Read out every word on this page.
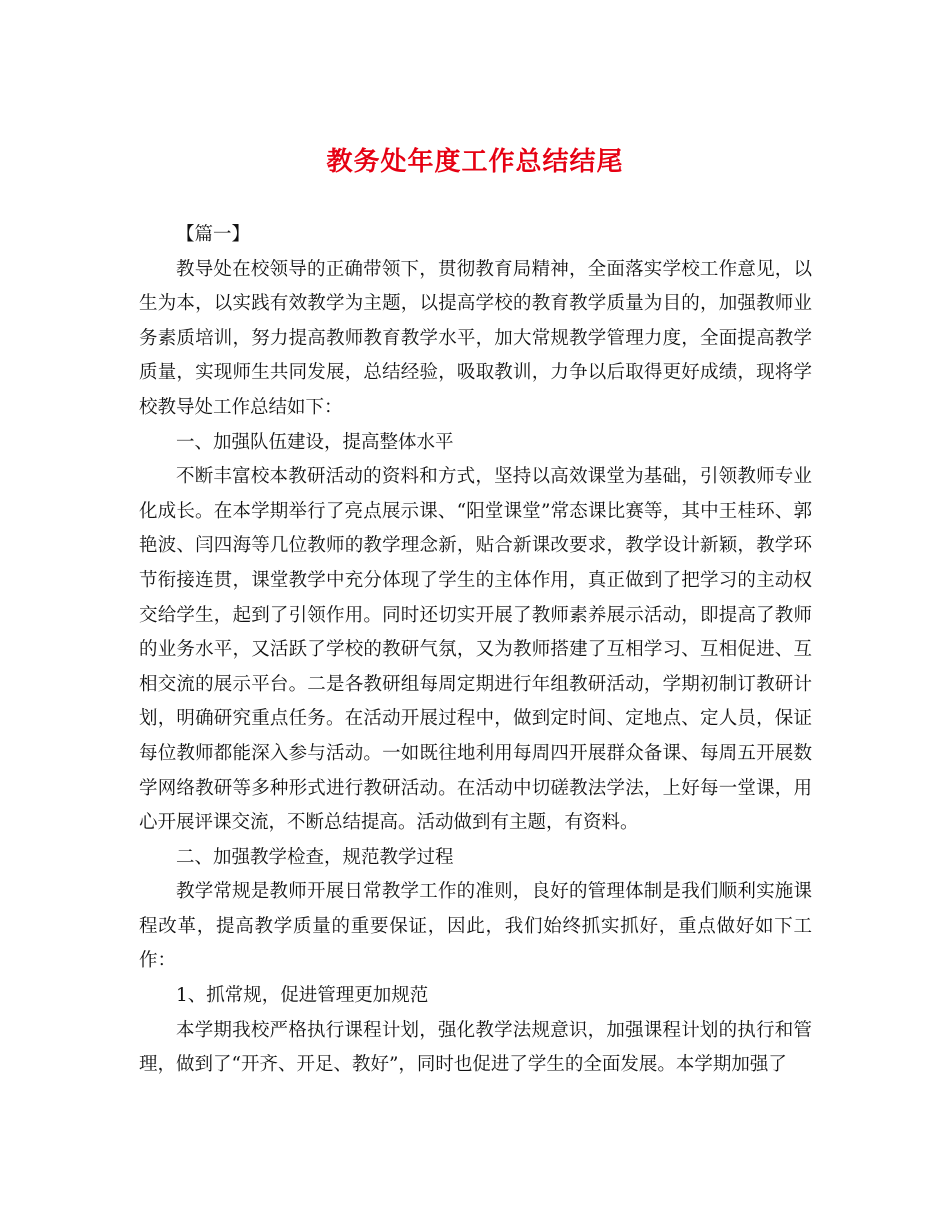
教务处年度工作总结结尾

【篇一】

教导处在校领导的正确带领下，贯彻教育局精神，全面落实学校工作意见，以生为本，以实践有效教学为主题，以提高学校的教育教学质量为目的，加强教师业务素质培训，努力提高教师教育教学水平，加大常规教学管理力度，全面提高教学质量，实现师生共同发展，总结经验，吸取教训，力争以后取得更好成绩，现将学校教导处工作总结如下：

一、加强队伍建设，提高整体水平

不断丰富校本教研活动的资料和方式，坚持以高效课堂为基础，引领教师专业化成长。在本学期举行了亮点展示课、“阳堂课堂”常态课比赛等，其中王桂环、郭艳波、闫四海等几位教师的教学理念新，贴合新课改要求，教学设计新颖，教学环节衔接连贯，课堂教学中充分体现了学生的主体作用，真正做到了把学习的主动权交给学生，起到了引领作用。同时还切实开展了教师素养展示活动，即提高了教师的业务水平，又活跃了学校的教研气氛，又为教师搭建了互相学习、互相促进、互相交流的展示平台。二是各教研组每周定期进行年组教研活动，学期初制订教研计划，明确研究重点任务。在活动开展过程中，做到定时间、定地点、定人员，保证每位教师都能深入参与活动。一如既往地利用每周四开展群众备课、每周五开展数学网络教研等多种形式进行教研活动。在活动中切磋教法学法，上好每一堂课，用心开展评课交流，不断总结提高。活动做到有主题，有资料。

二、加强教学检查，规范教学过程

教学常规是教师开展日常教学工作的准则，良好的管理体制是我们顺利实施课程改革，提高教学质量的重要保证，因此，我们始终抓实抓好，重点做好如下工作：

1、抓常规，促进管理更加规范

本学期我校严格执行课程计划，强化教学法规意识，加强课程计划的执行和管理，做到了“开齐、开足、教好”，同时也促进了学生的全面发展。本学期加强了
